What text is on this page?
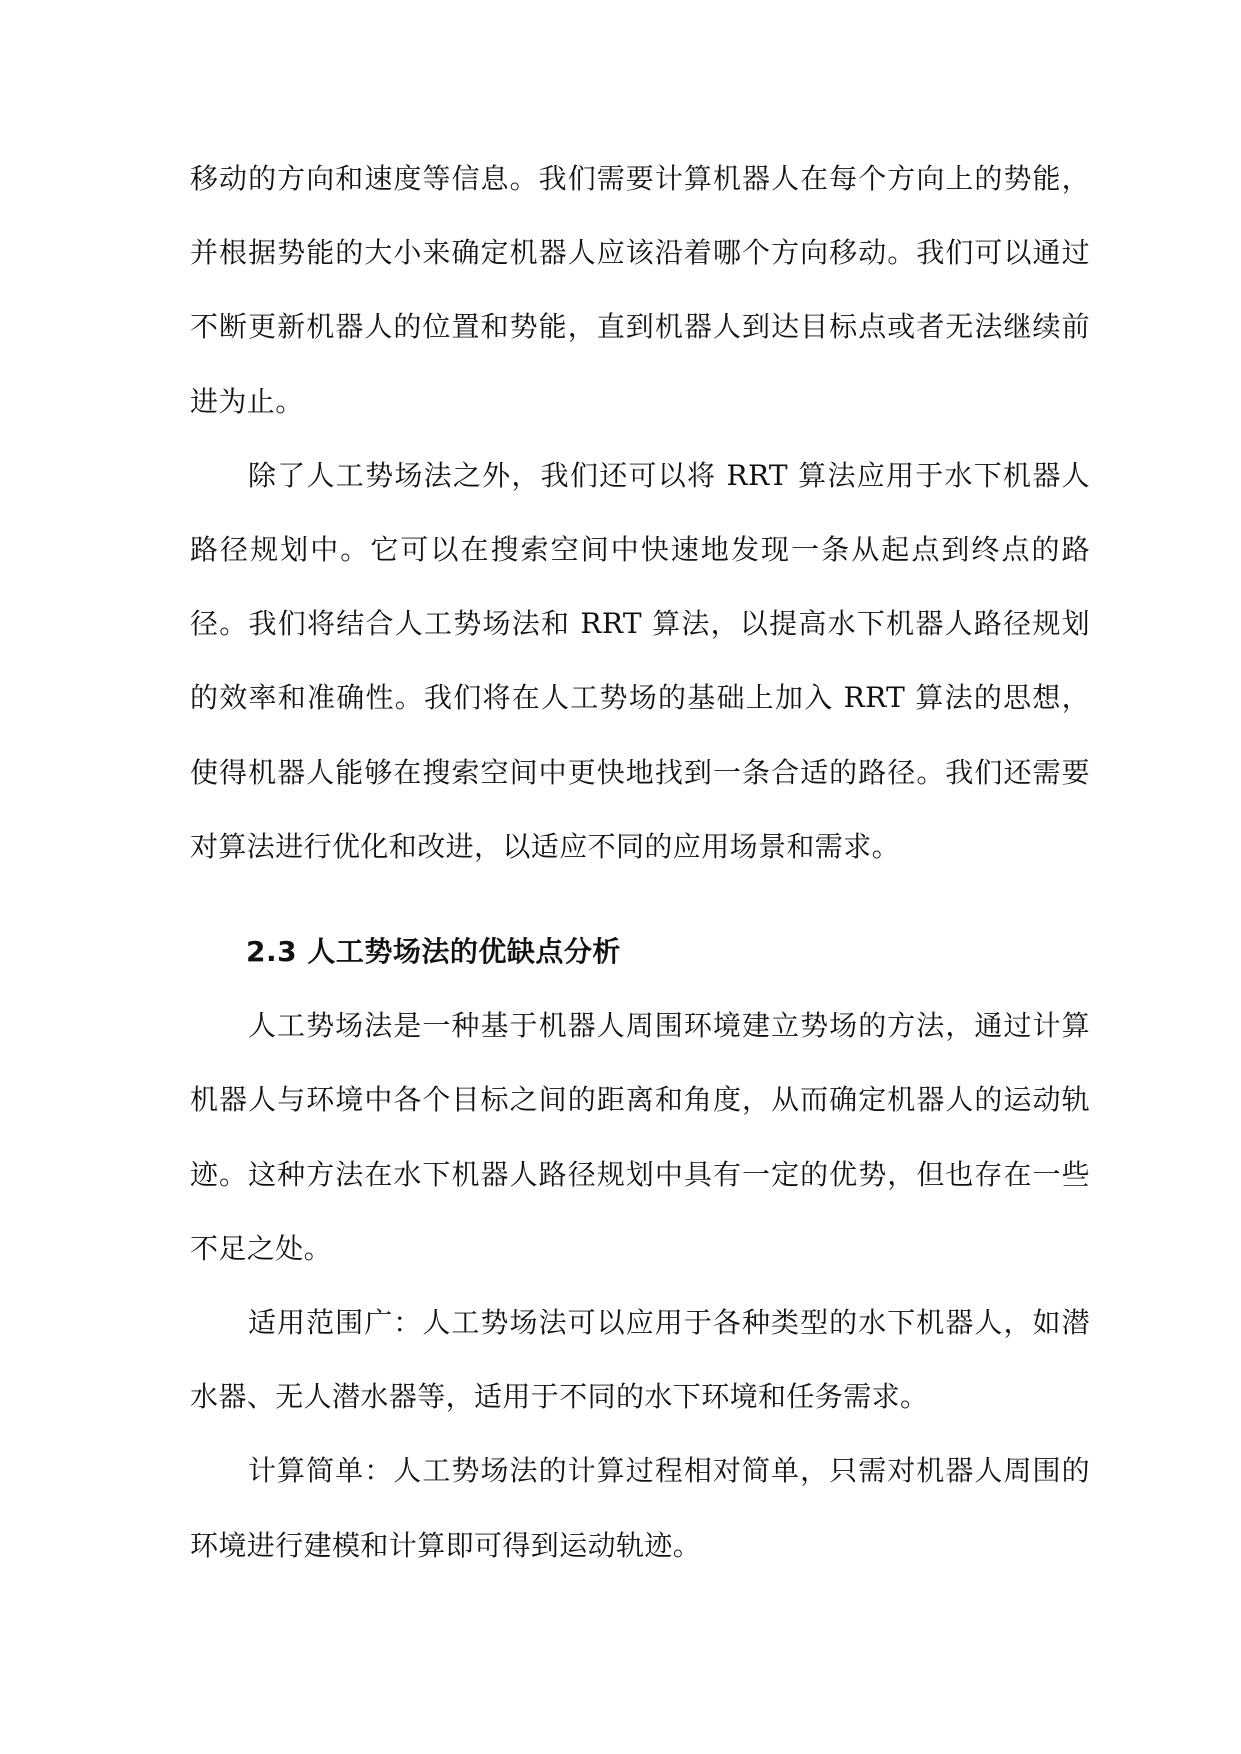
移动的方向和速度等信息。我们需要计算机器人在每个方向上的势能，并根据势能的大小来确定机器人应该沿着哪个方向移动。我们可以通过不断更新机器人的位置和势能，直到机器人到达目标点或者无法继续前进为止。

除了人工势场法之外，我们还可以将 RRT 算法应用于水下机器人路径规划中。它可以在搜索空间中快速地发现一条从起点到终点的路径。我们将结合人工势场法和 RRT 算法，以提高水下机器人路径规划的效率和准确性。我们将在人工势场的基础上加入 RRT 算法的思想，使得机器人能够在搜索空间中更快地找到一条合适的路径。我们还需要对算法进行优化和改进，以适应不同的应用场景和需求。

2.3 人工势场法的优缺点分析

人工势场法是一种基于机器人周围环境建立势场的方法，通过计算机器人与环境中各个目标之间的距离和角度，从而确定机器人的运动轨迹。这种方法在水下机器人路径规划中具有一定的优势，但也存在一些不足之处。

适用范围广：人工势场法可以应用于各种类型的水下机器人，如潜水器、无人潜水器等，适用于不同的水下环境和任务需求。

计算简单：人工势场法的计算过程相对简单，只需对机器人周围的环境进行建模和计算即可得到运动轨迹。
